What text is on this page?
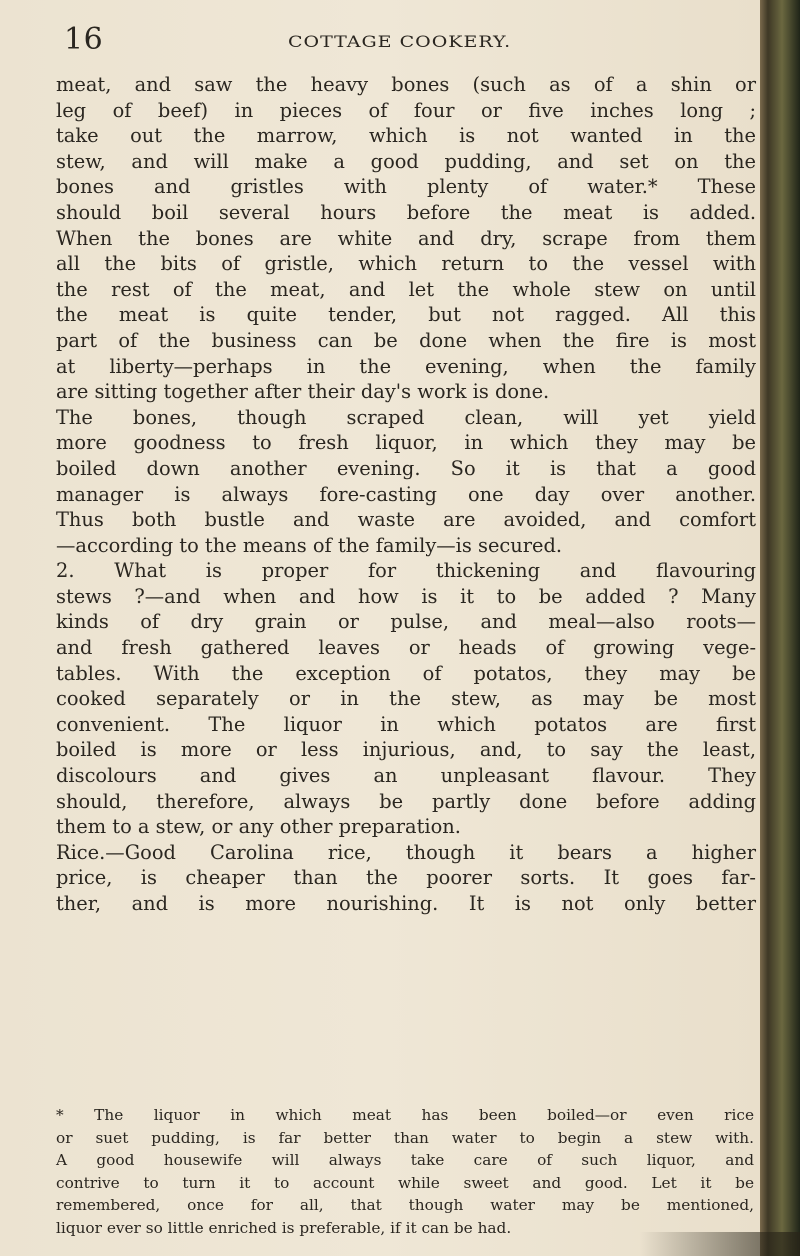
16	COTTAGE COOKERY.
meat, and saw the heavy bones (such as of a shin or
leg of beef) in pieces of four or five inches long ;
take out the marrow, which is not wanted in the
stew, and will make a good pudding, and set on the
bones and gristles with plenty of water.* These
should boil several hours before the meat is added.
When the bones are white and dry, scrape from them
all the bits of gristle, which return to the vessel with
the rest of the meat, and let the whole stew on until
the meat is quite tender, but not ragged. All this
part of the business can be done when the fire is most
at liberty—perhaps in the evening, when the family
are sitting together after their day's work is done.
The bones, though scraped clean, will yet yield
more goodness to fresh liquor, in which they may be
boiled down another evening. So it is that a good
manager is always fore-casting one day over another.
Thus both bustle and waste are avoided, and comfort
—according to the means of the family—is secured.
2. What is proper for thickening and flavouring
stews ?—and when and how is it to be added ? Many
kinds of dry grain or pulse, and meal—also roots—
and fresh gathered leaves or heads of growing vege-
tables. With the exception of potatos, they may be
cooked separately or in the stew, as may be most
convenient. The liquor in which potatos are first
boiled is more or less injurious, and, to say the least,
discolours and gives an unpleasant flavour. They
should, therefore, always be partly done before adding
them to a stew, or any other preparation.
Rice.—Good Carolina rice, though it bears a higher
price, is cheaper than the poorer sorts. It goes far-
ther, and is more nourishing. It is not only better
* The liquor in which meat has been boiled—or even rice
or suet pudding, is far better than water to begin a stew with.
A good housewife will always take care of such liquor, and
contrive to turn it to account while sweet and good. Let it be
remembered, once for all, that though water may be mentioned,
liquor ever so little enriched is preferable, if it can be had.
